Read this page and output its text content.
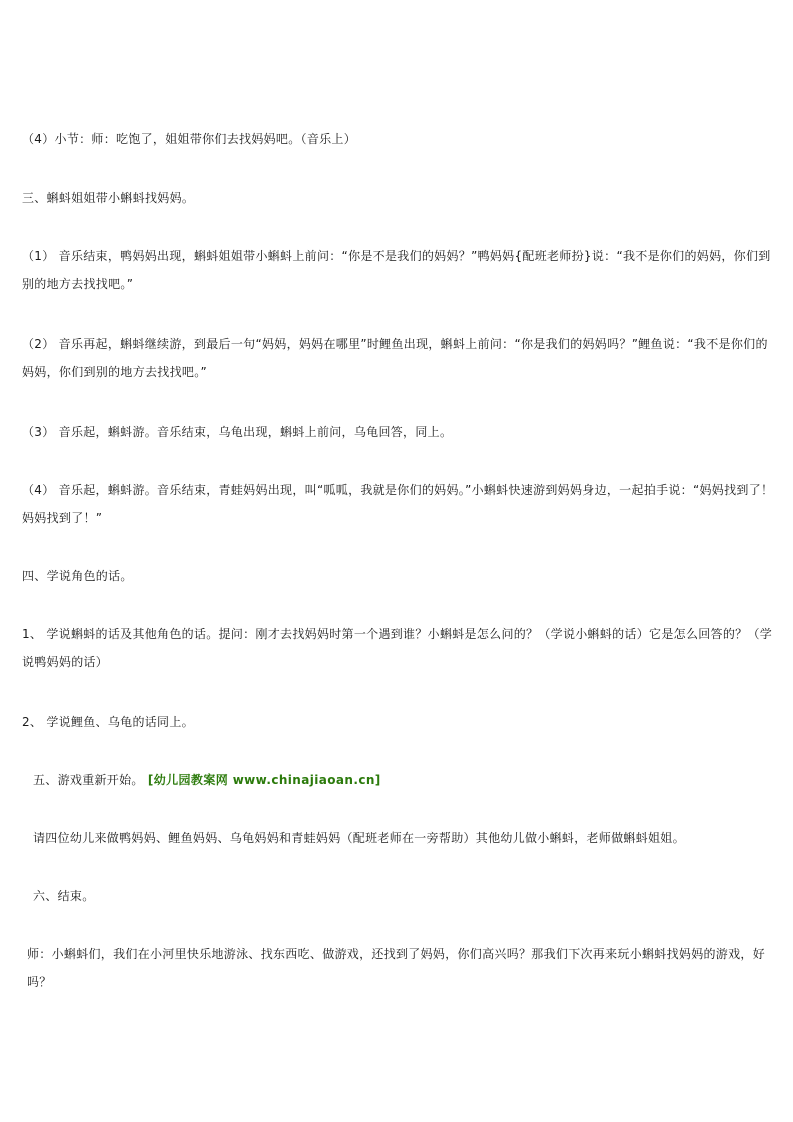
（4）小节：师：吃饱了，姐姐带你们去找妈妈吧。（音乐上）

三、蝌蚪姐姐带小蝌蚪找妈妈。

（1） 音乐结束，鸭妈妈出现，蝌蚪姐姐带小蝌蚪上前问：“你是不是我们的妈妈？”鸭妈妈{配班老师扮}说：“我不是你们的妈妈，你们到别的地方去找找吧。”

（2） 音乐再起，蝌蚪继续游，到最后一句“妈妈，妈妈在哪里”时鲤鱼出现，蝌蚪上前问：“你是我们的妈妈吗？”鲤鱼说：“我不是你们的妈妈，你们到别的地方去找找吧。”

（3） 音乐起，蝌蚪游。音乐结束，乌龟出现，蝌蚪上前问，乌龟回答，同上。

（4） 音乐起，蝌蚪游。音乐结束，青蛙妈妈出现，叫“呱呱，我就是你们的妈妈。”小蝌蚪快速游到妈妈身边，一起拍手说：“妈妈找到了！妈妈找到了！”

四、学说角色的话。

1、 学说蝌蚪的话及其他角色的话。提问：刚才去找妈妈时第一个遇到谁？小蝌蚪是怎么问的？（学说小蝌蚪的话）它是怎么回答的？（学说鸭妈妈的话）

2、 学说鲤鱼、乌龟的话同上。

五、游戏重新开始。 [幼儿园教案网 www.chinajiaoan.cn]

请四位幼儿来做鸭妈妈、鲤鱼妈妈、乌龟妈妈和青蛙妈妈（配班老师在一旁帮助）其他幼儿做小蝌蚪，老师做蝌蚪姐姐。

六、结束。

师：小蝌蚪们，我们在小河里快乐地游泳、找东西吃、做游戏，还找到了妈妈，你们高兴吗？那我们下次再来玩小蝌蚪找妈妈的游戏，好吗？
